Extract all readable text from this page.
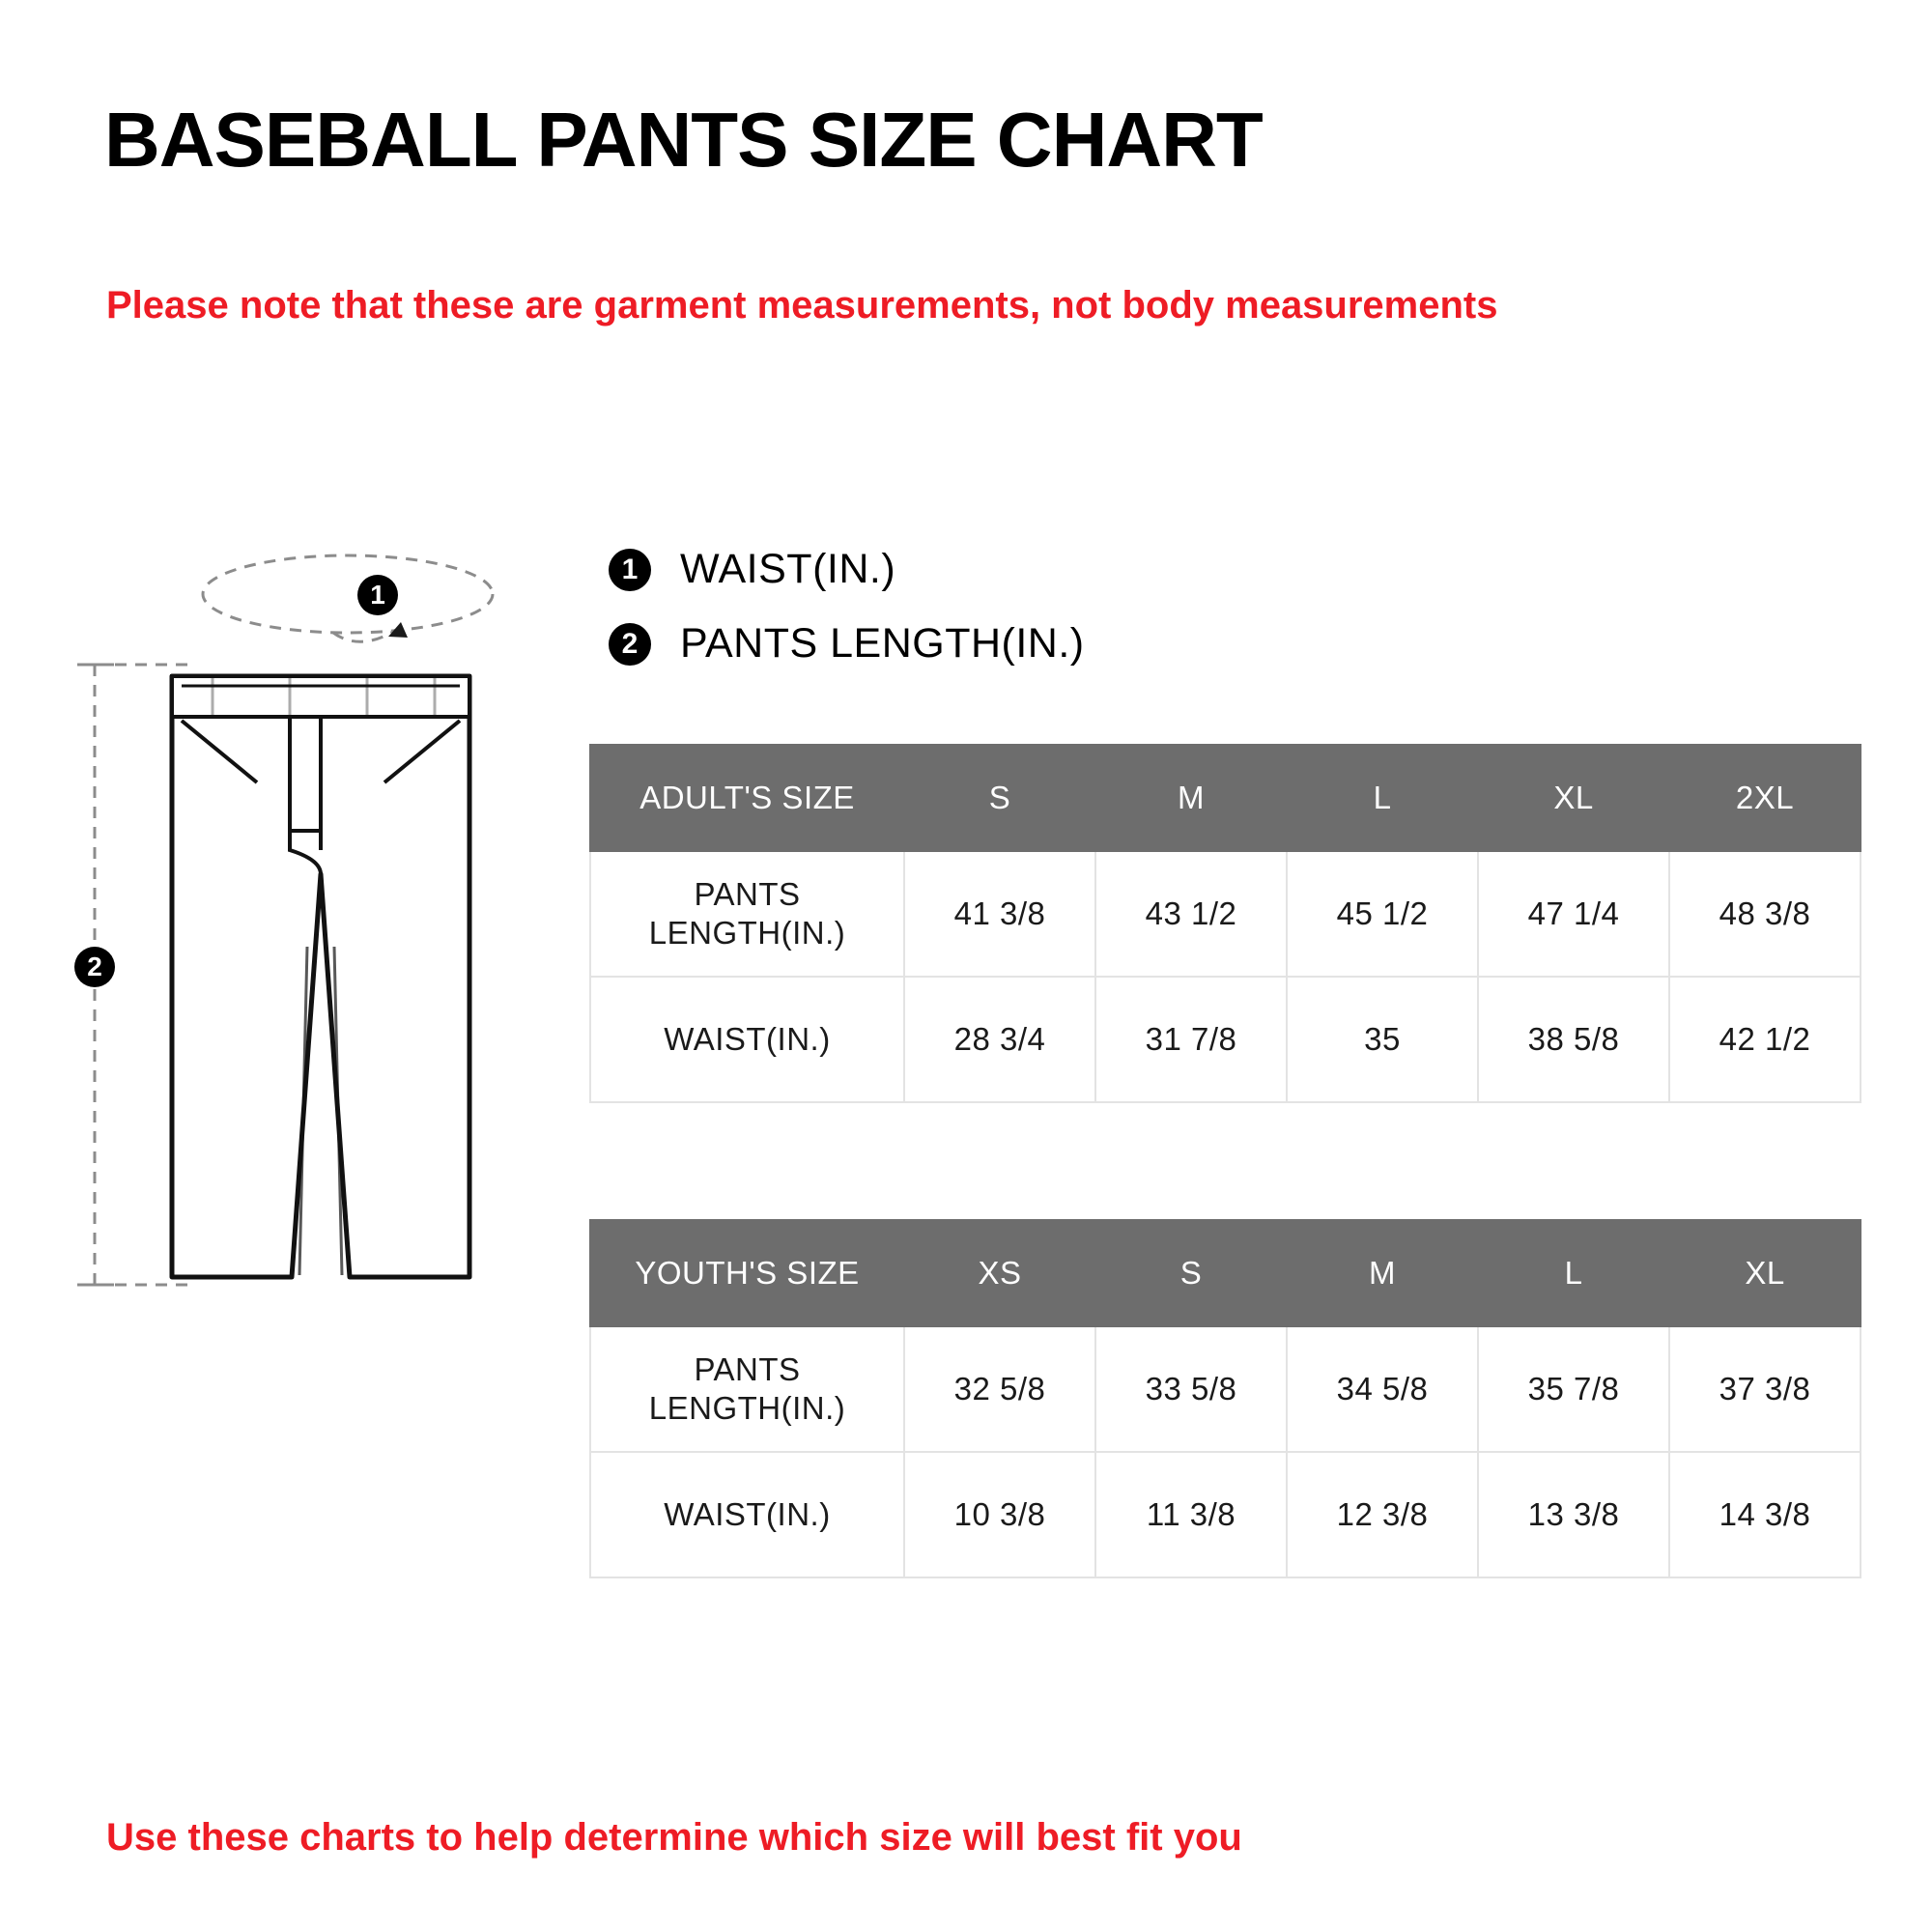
BASEBALL PANTS SIZE CHART
Please note that these are garment measurements, not body measurements
1	WAIST(IN.)
2	PANTS LENGTH(IN.)
1
2
ADULT'S SIZE	S	M	L	XL	2XL
PANTS LENGTH(IN.)	41 3/8	43 1/2	45 1/2	47 1/4	48 3/8
WAIST(IN.)	28 3/4	31 7/8	35	38 5/8	42 1/2
YOUTH'S SIZE	XS	S	M	L	XL
PANTS LENGTH(IN.)	32 5/8	33 5/8	34 5/8	35 7/8	37 3/8
WAIST(IN.)	10 3/8	11 3/8	12 3/8	13 3/8	14 3/8
Use these charts to help determine which size will best fit you
